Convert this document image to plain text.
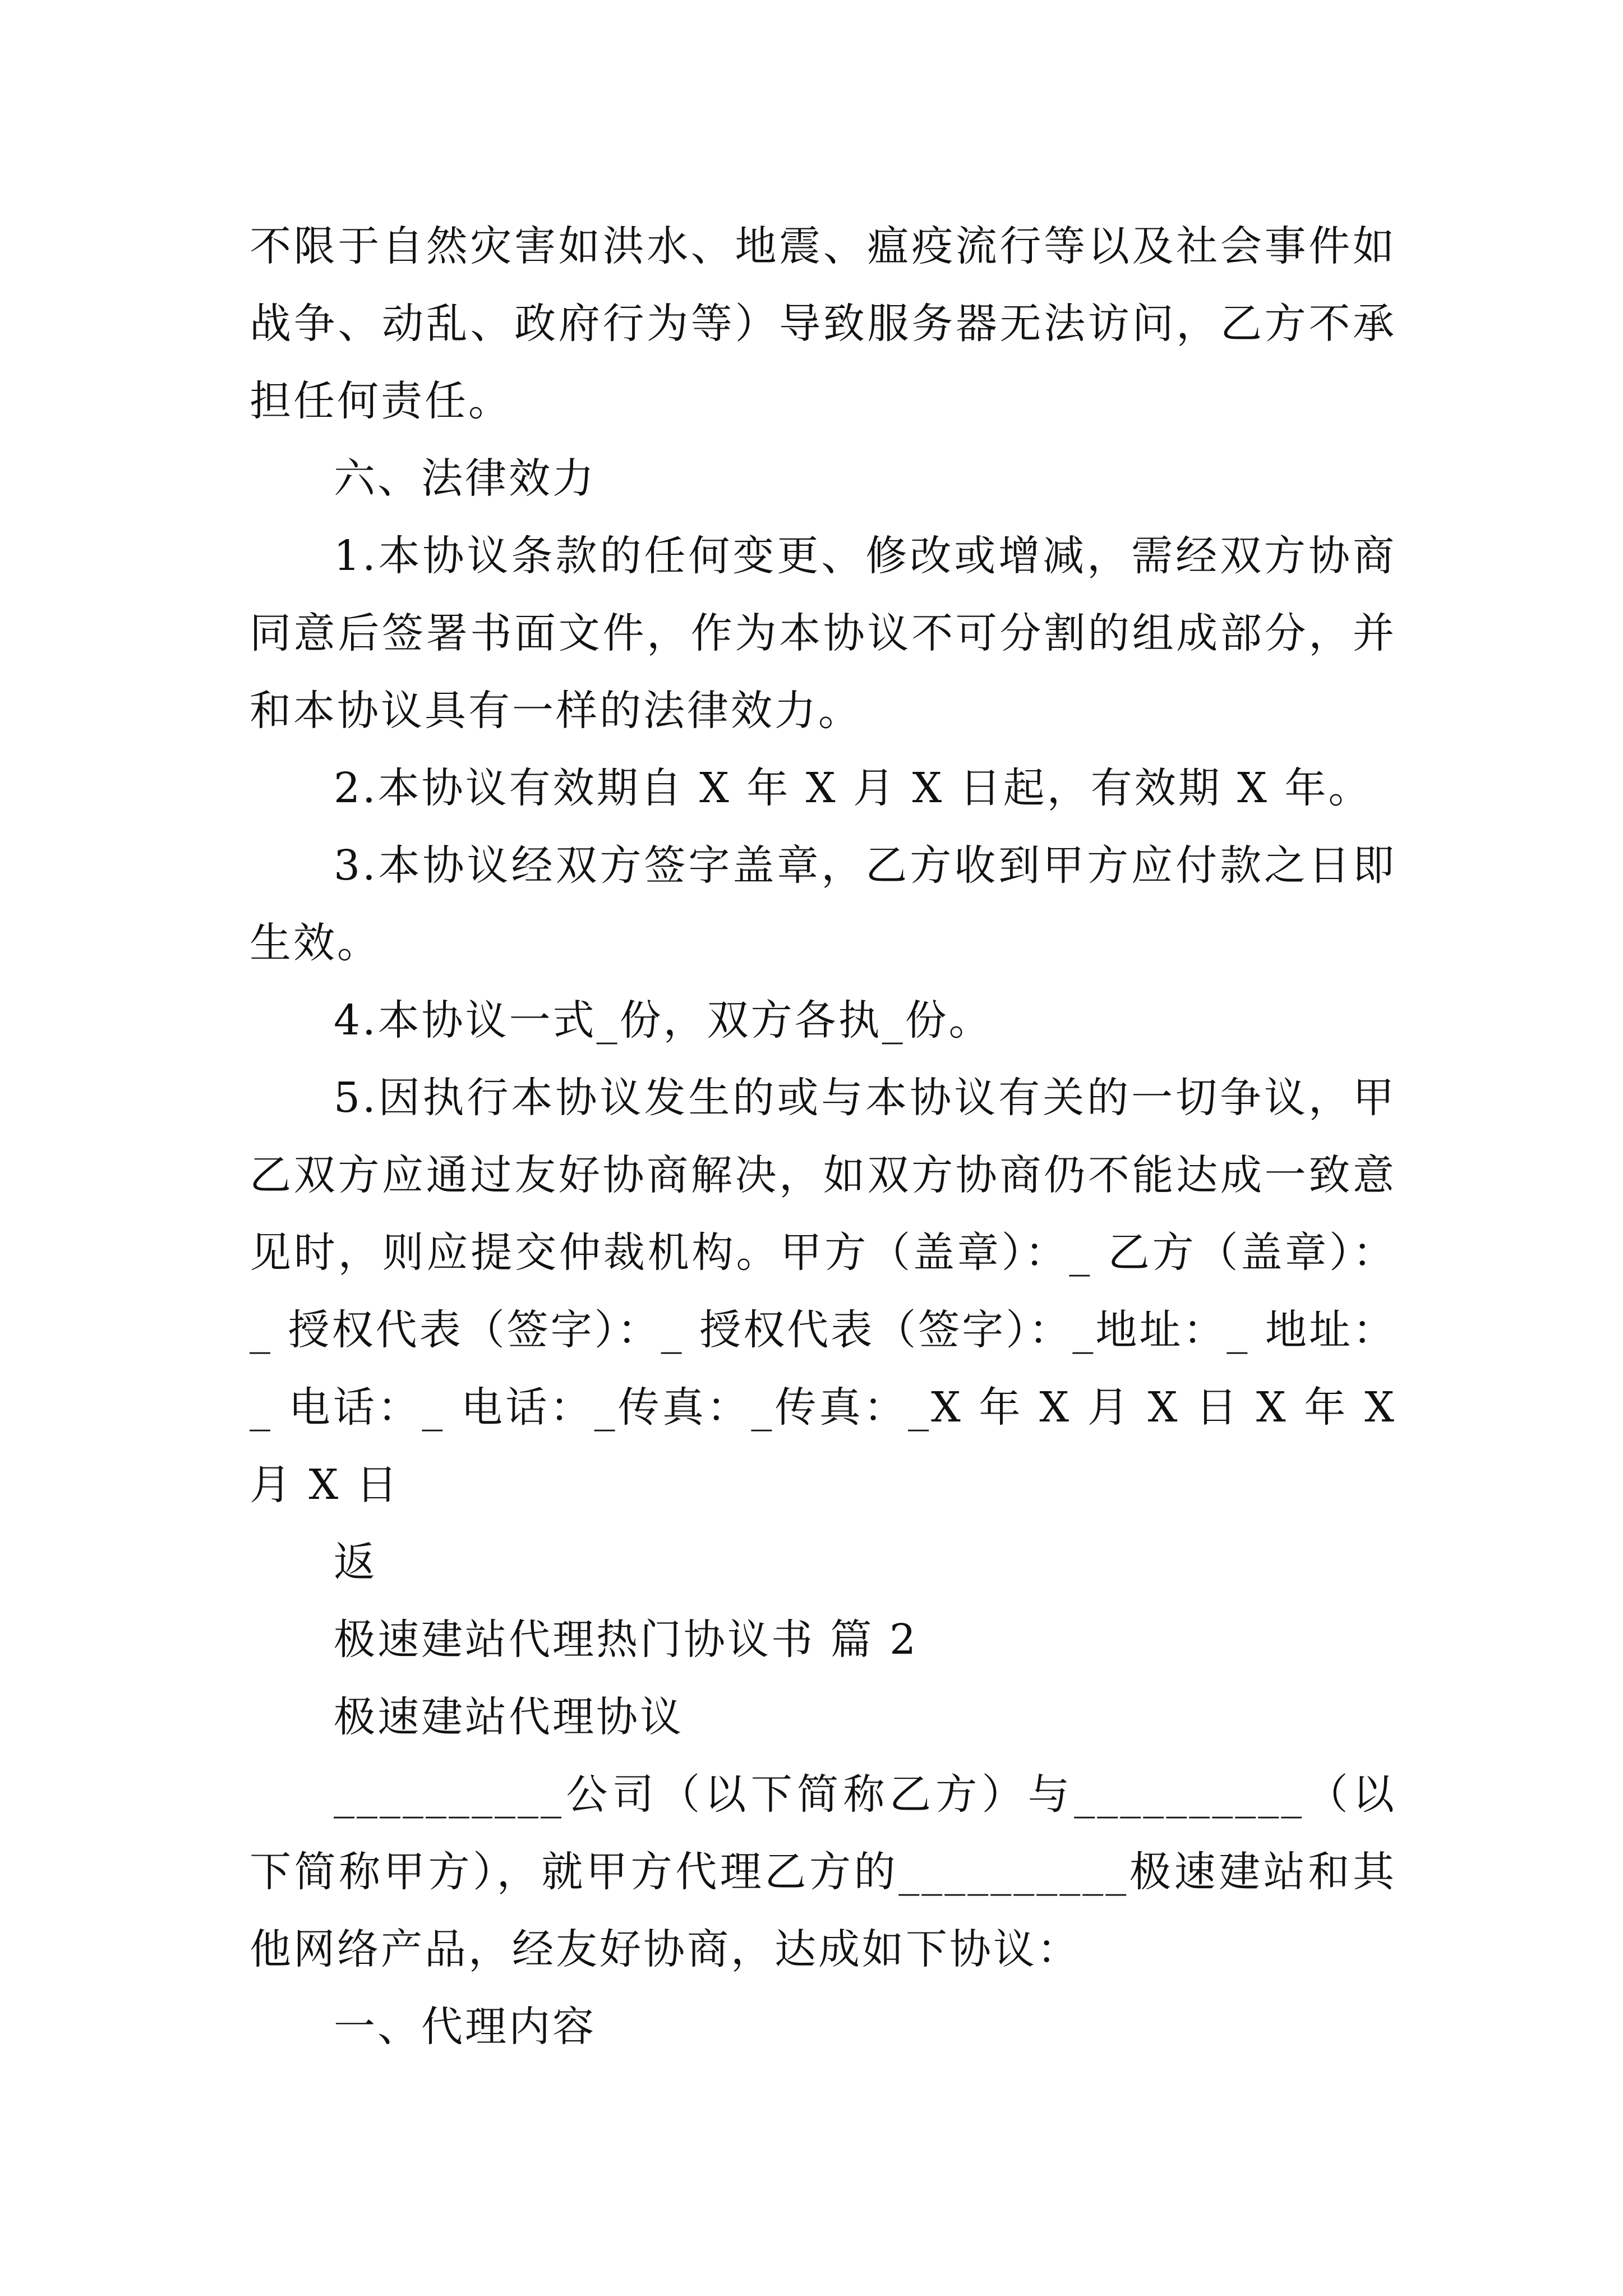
不限于自然灾害如洪水、地震、瘟疫流行等以及社会事件如战争、动乱、政府行为等）导致服务器无法访问，乙方不承担任何责任。

六、法律效力

1.本协议条款的任何变更、修改或增减，需经双方协商同意后签署书面文件，作为本协议不可分割的组成部分，并和本协议具有一样的法律效力。

2.本协议有效期自 X 年 X 月 X 日起，有效期 X 年。

3.本协议经双方签字盖章，乙方收到甲方应付款之日即生效。

4.本协议一式_份，双方各执_份。

5.因执行本协议发生的或与本协议有关的一切争议，甲乙双方应通过友好协商解决，如双方协商仍不能达成一致意见时，则应提交仲裁机构。甲方（盖章）：_ 乙方（盖章）：_ 授权代表（签字）：_ 授权代表（签字）：_地址：_ 地址：_ 电话：_ 电话：_传真：_传真：_X 年 X 月 X 日 X 年 X 月 X 日

返

极速建站代理热门协议书 篇 2

极速建站代理协议

__________公司（以下简称乙方）与__________（以下简称甲方），就甲方代理乙方的__________极速建站和其他网络产品，经友好协商，达成如下协议：

一、代理内容
